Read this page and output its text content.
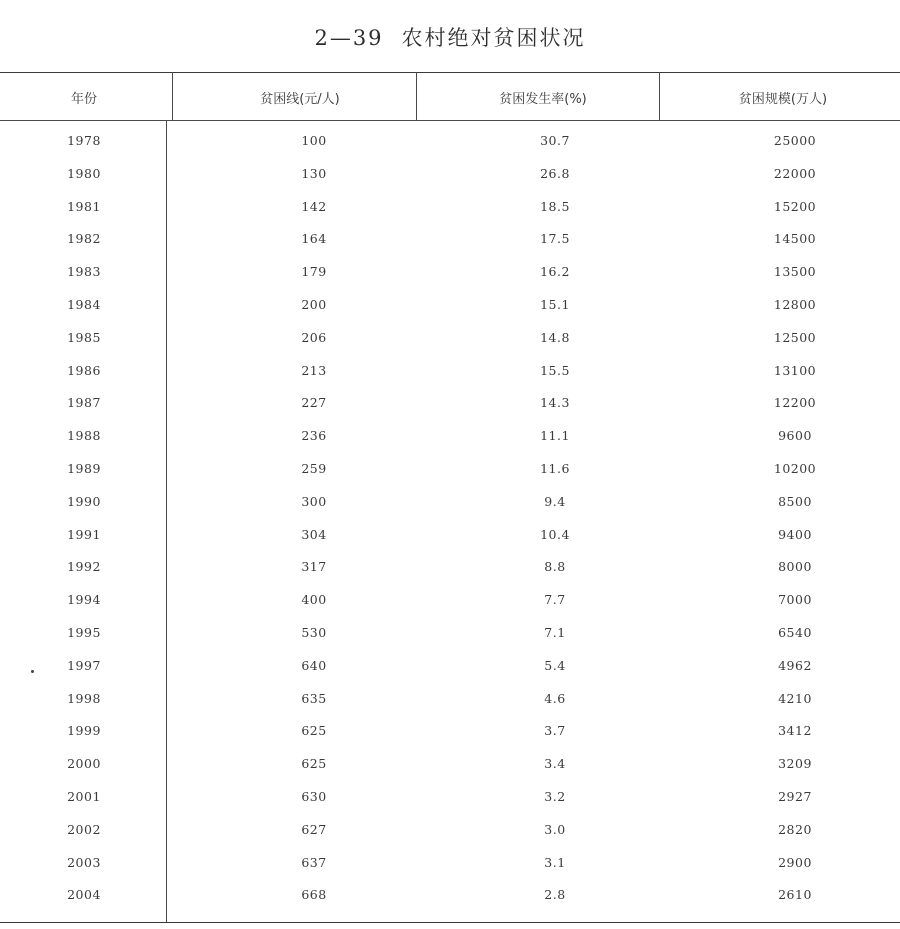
2—39 农村绝对贫困状况
年份	贫困线(元/人)	贫困发生率(%)	贫困规模(万人)
1978	100	30.7	25000
1980	130	26.8	22000
1981	142	18.5	15200
1982	164	17.5	14500
1983	179	16.2	13500
1984	200	15.1	12800
1985	206	14.8	12500
1986	213	15.5	13100
1987	227	14.3	12200
1988	236	11.1	9600
1989	259	11.6	10200
1990	300	9.4	8500
1991	304	10.4	9400
1992	317	8.8	8000
1994	400	7.7	7000
1995	530	7.1	6540
1997	640	5.4	4962
1998	635	4.6	4210
1999	625	3.7	3412
2000	625	3.4	3209
2001	630	3.2	2927
2002	627	3.0	2820
2003	637	3.1	2900
2004	668	2.8	2610
